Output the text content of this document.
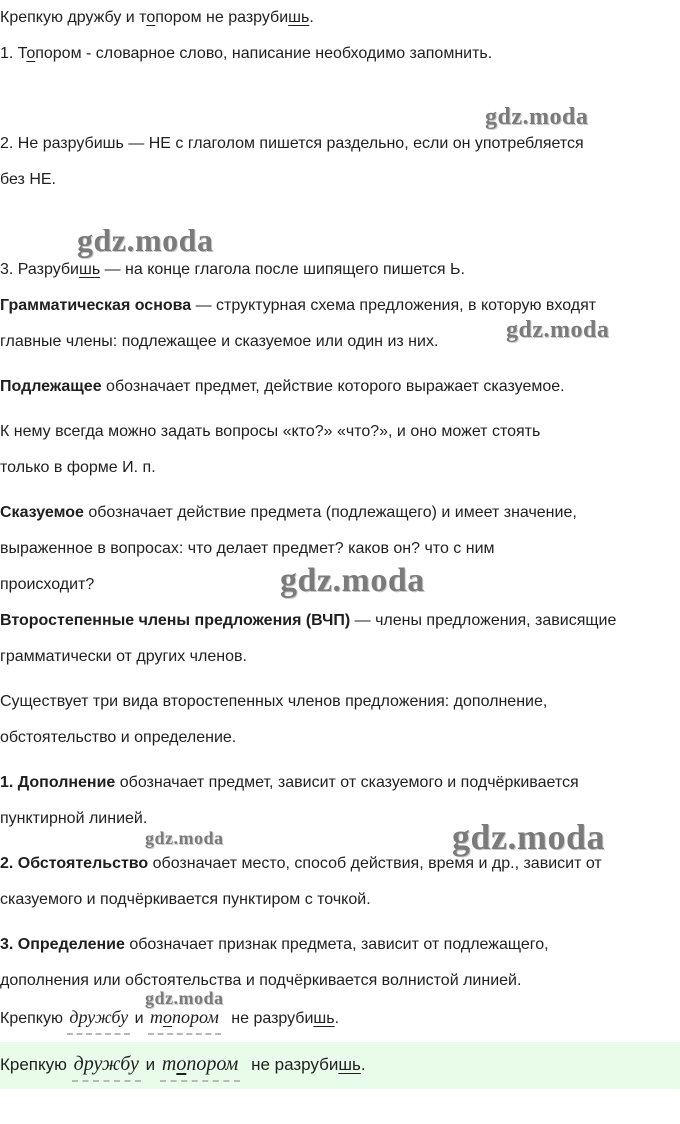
Крепкую дружбу и топором не разрубишь.
1. Топором - словарное слово, написание необходимо запомнить.
gdz.moda
2. Не разрубишь — НЕ с глаголом пишется раздельно, если он употребляется
без НЕ.
gdz.moda
3. Разрубишь — на конце глагола после шипящего пишется Ь.
Грамматическая основа — структурная схема предложения, в которую входят
главные члены: подлежащее и сказуемое или один из них.	gdz.moda
Подлежащее обозначает предмет, действие которого выражает сказуемое.
К нему всегда можно задать вопросы «кто?» «что?», и оно может стоять
только в форме И. п.
Сказуемое обозначает действие предмета (подлежащего) и имеет значение,
выраженное в вопросах: что делает предмет? каков он? что с ним
происходит?	gdz.moda
Второстепенные члены предложения (ВЧП) — члены предложения, зависящие
грамматически от других членов.
Существует три вида второстепенных членов предложения: дополнение,
обстоятельство и определение.
1. Дополнение обозначает предмет, зависит от сказуемого и подчёркивается
пунктирной линией.
gdz.moda	gdz.moda
2. Обстоятельство обозначает место, способ действия, время и др., зависит от
сказуемого и подчёркивается пунктиром с точкой.
3. Определение обозначает признак предмета, зависит от подлежащего,
дополнения или обстоятельства и подчёркивается волнистой линией.
gdz.moda
Крепкую дружбу и топором не разрубишь.
Крепкую дружбу и топором не разрубишь.
